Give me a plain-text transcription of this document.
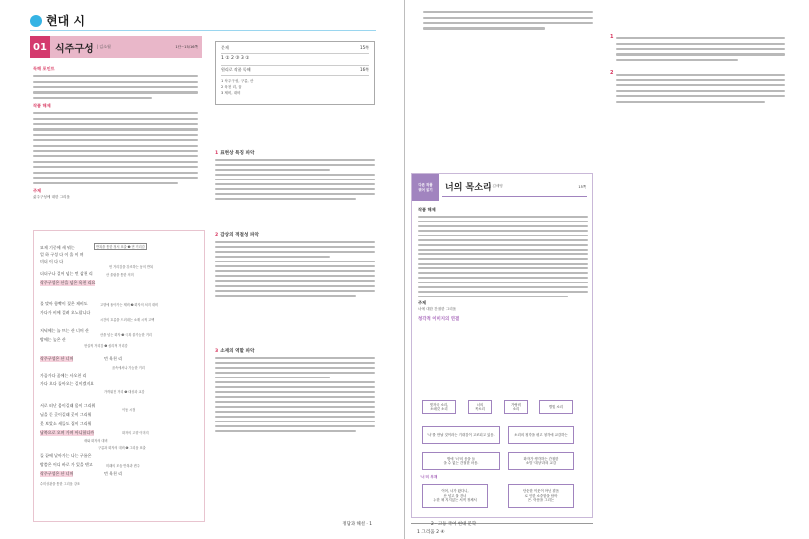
현대 시
01 식주구성 | 김소월	1단~15/16쪽
독해 포인트
작품 해제
주제
삶주구성에 대한 그리움
묘제 기중에 새 뭐는
얼 하 구성 다 이 울 이 며
미더 이 다 다
더더구나 걸어 넘는 먼 삼천 리
삭주구성은 산을 넘은 육천 리요
물 맞아 함빡이 젖은 제비도
가다가 비에 걸려 오노랍니다
저녁에는 놀 뜨는 산 너머 산
밤에는 높은 산
삭주구성은 산 너머	먼 육천 리
가끔가다 꿈에는 사오천 리
가다 오다 돌아오는 길이겠지요
서로 떠난 몸이길래 몸이 그리워
님을 둔 곳이길래 곳이 그리워
못 보았소 새들도 집이 그리워
남북으로 오며 가며 아니합디까
들 끝에 날아가는 나는 구름은
밤쯤은 어디 바로 가 있을 텐고
삭주구성은 산 너머	먼 육천 리
반복을 통한 정서 표출 ➊ 먼 거리감
먼 거리감을 강조하는 동의 반복
산 울림을 통한 의미
고향에 돌아가는 제비 ➋ 화자의 처지 대비
시간의 흐름을 드러내는 소재 시적 고백
산을 넘는 화자 ➌ 극복 불가능한 거리
현실적 거리감 ➍ 심리적 거리감
꿈속에서나 가능한 거리
가까워진 거리 ➎ 대상과 교감
이동 시점
새와 화자의 대비
화자의 고향 이미지
구름과 화자의 대비 ➏ 그리움 표출
미래의 모습 반복과 변주
수미상관을 통한 그리움 강조
문제	15쪽
1 ① 2 ③ 3 ①
원리로 작품 독해	16쪽
1 삭주구성, 구름, 산
2 육천 리, 꿈
3 제비, 대비
1 표현상 특징 파악
2 감상의 적절성 파악
3 소재의 역할 파악
정답과 해설 · 1
다른 작품
엮어 읽기 너의 목소리
| 김세영	15쪽
작품 해제
주제
너에 대한 간절한 그리움
청각적 이미지의 연결
빗자국 소리,
소매깃 소리
너의
목소리
가랑비
소리
별빛 소리
'너'를 만날 것이라는 기대감이 고조되고 있음.	소리의 청각을 평고 청각에 교감하는
밤에 '너'의 음을 들
을 수 없는 간절한 마음.
화자가 생각하는 간절한
소망 '대상'과의 교감
'너'의 부재
이어, 너가 왔다니,
산 넘고 물 건너
누한 채 지지있는 서적 정체서
단순한 이웃이 아닌 곁음
로 인한 소중함을 담아
은. 아픔을 그리는
1 그리움 2 ④
1
2
2 · 고등 국어 현대 문학
